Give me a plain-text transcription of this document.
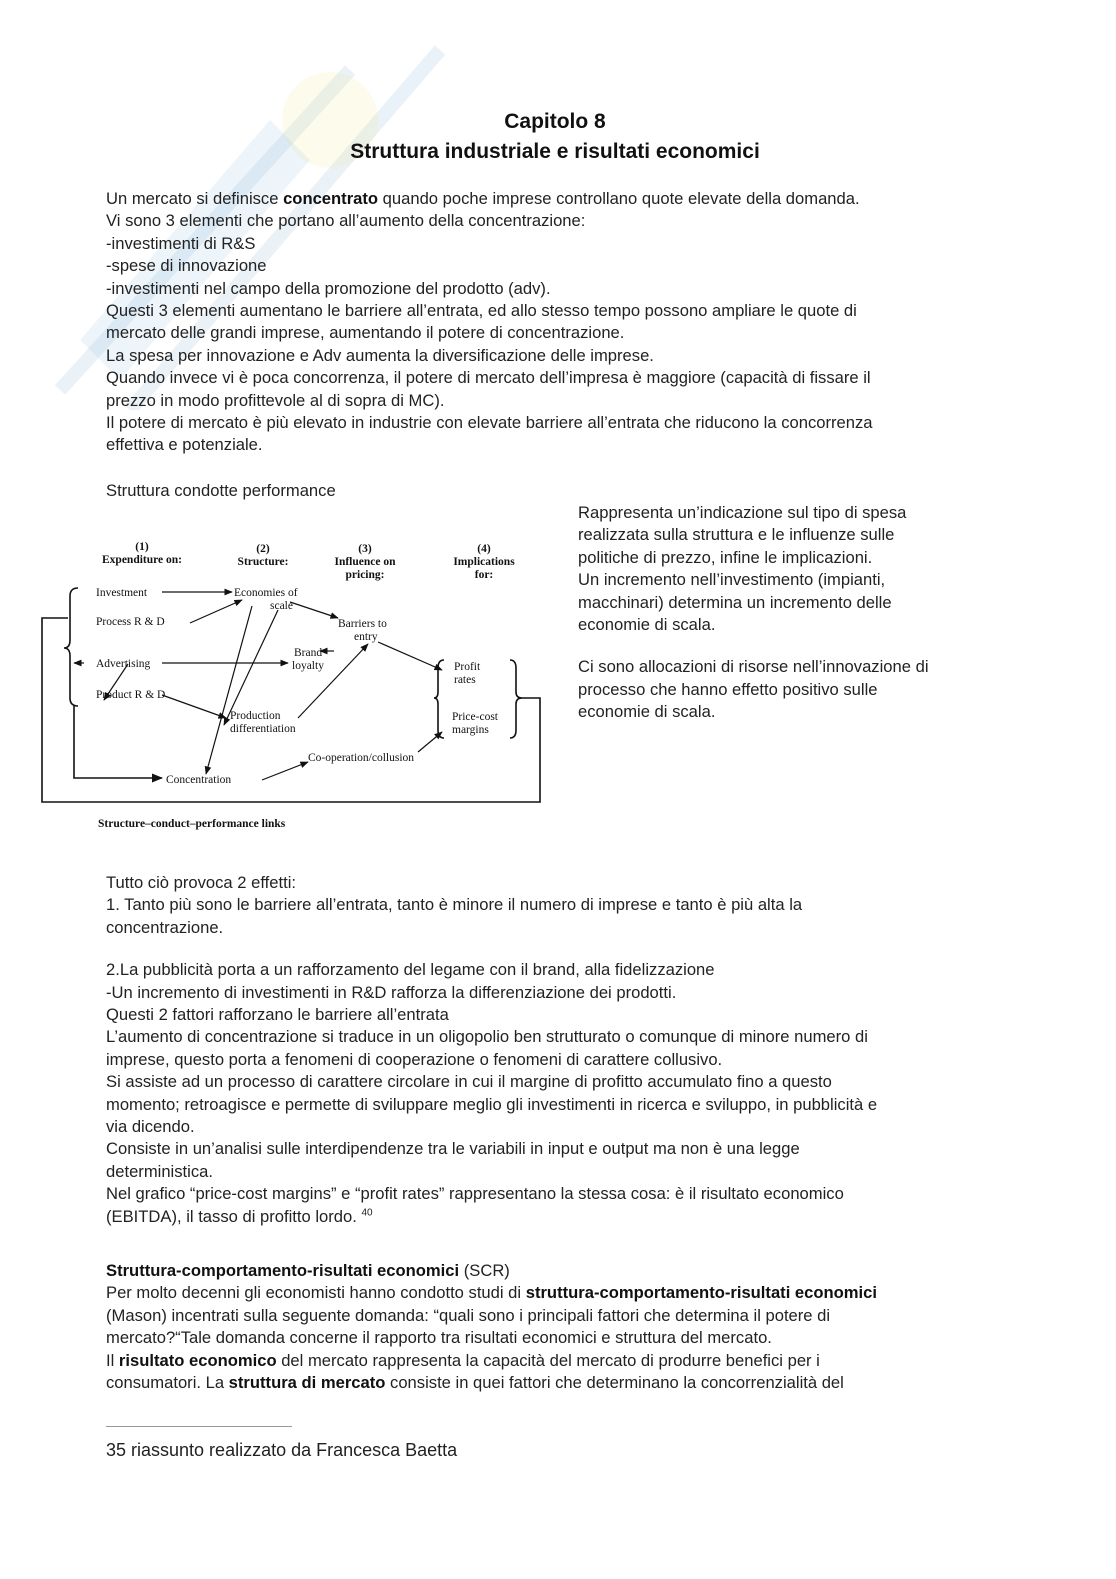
Capitolo 8
Struttura industriale e risultati economici
Un mercato si definisce concentrato quando poche imprese controllano quote elevate della domanda.
Vi sono 3 elementi che portano all’aumento della concentrazione:
-investimenti di R&S
-spese di innovazione
-investimenti nel campo della promozione del prodotto (adv).
Questi 3 elementi aumentano le barriere all’entrata, ed allo stesso tempo possono ampliare le quote di
mercato delle grandi imprese, aumentando il potere di concentrazione.
La spesa per innovazione e Adv aumenta la diversificazione delle imprese.
Quando invece vi è poca concorrenza, il potere di mercato dell’impresa è maggiore (capacità di fissare il
prezzo in modo profittevole al di sopra di MC).
Il potere di mercato è più elevato in industrie con elevate barriere all’entrata che riducono la concorrenza
effettiva e potenziale.
Struttura condotte performance
(1)
Expenditure on:
(2)
Structure:
(3)
Influence on
pricing:
(4)
Implications
for:
Investment
Process R & D
Advertising
Product R & D
Economies of
scale
Barriers to
entry
Brand
loyalty
Production
differentiation
Profit
rates
Price-cost
margins
Co-operation/collusion
Concentration
Structure–conduct–performance links
Rappresenta un’indicazione sul tipo di spesa
realizzata sulla struttura e le influenze sulle
politiche di prezzo, infine le implicazioni.
Un incremento nell’investimento (impianti,
macchinari) determina un incremento delle
economie di scala.
Ci sono allocazioni di risorse nell’innovazione di
processo che hanno effetto positivo sulle
economie di scala.
Tutto ciò provoca 2 effetti:
1. Tanto più sono le barriere all’entrata, tanto è minore il numero di imprese e tanto è più alta la
concentrazione.
2.La pubblicità porta a un rafforzamento del legame con il brand, alla fidelizzazione
-Un incremento di investimenti in R&D rafforza la differenziazione dei prodotti.
Questi 2 fattori rafforzano le barriere all’entrata
L’aumento di concentrazione si traduce in un oligopolio ben strutturato o comunque di minore numero di
imprese, questo porta a fenomeni di cooperazione o fenomeni di carattere collusivo.
Si assiste ad un processo di carattere circolare in cui il margine di profitto accumulato fino a questo
momento; retroagisce e permette di sviluppare meglio gli investimenti in ricerca e sviluppo, in pubblicità e
via dicendo.
Consiste in un’analisi sulle interdipendenze tra le variabili in input e output ma non è una legge
deterministica.
Nel grafico “price-cost margins” e “profit rates” rappresentano la stessa cosa: è il risultato economico
(EBITDA), il tasso di profitto lordo. $^{40}$
Struttura-comportamento-risultati economici (SCR)
Per molto decenni gli economisti hanno condotto studi di struttura-comportamento-risultati economici
(Mason) incentrati sulla seguente domanda: “quali sono i principali fattori che determina il potere di
mercato?“Tale domanda concerne il rapporto tra risultati economici e struttura del mercato.
Il risultato economico del mercato rappresenta la capacità del mercato di produrre benefici per i
consumatori. La struttura di mercato consiste in quei fattori che determinano la concorrenzialità del
35 riassunto realizzato da Francesca Baetta
